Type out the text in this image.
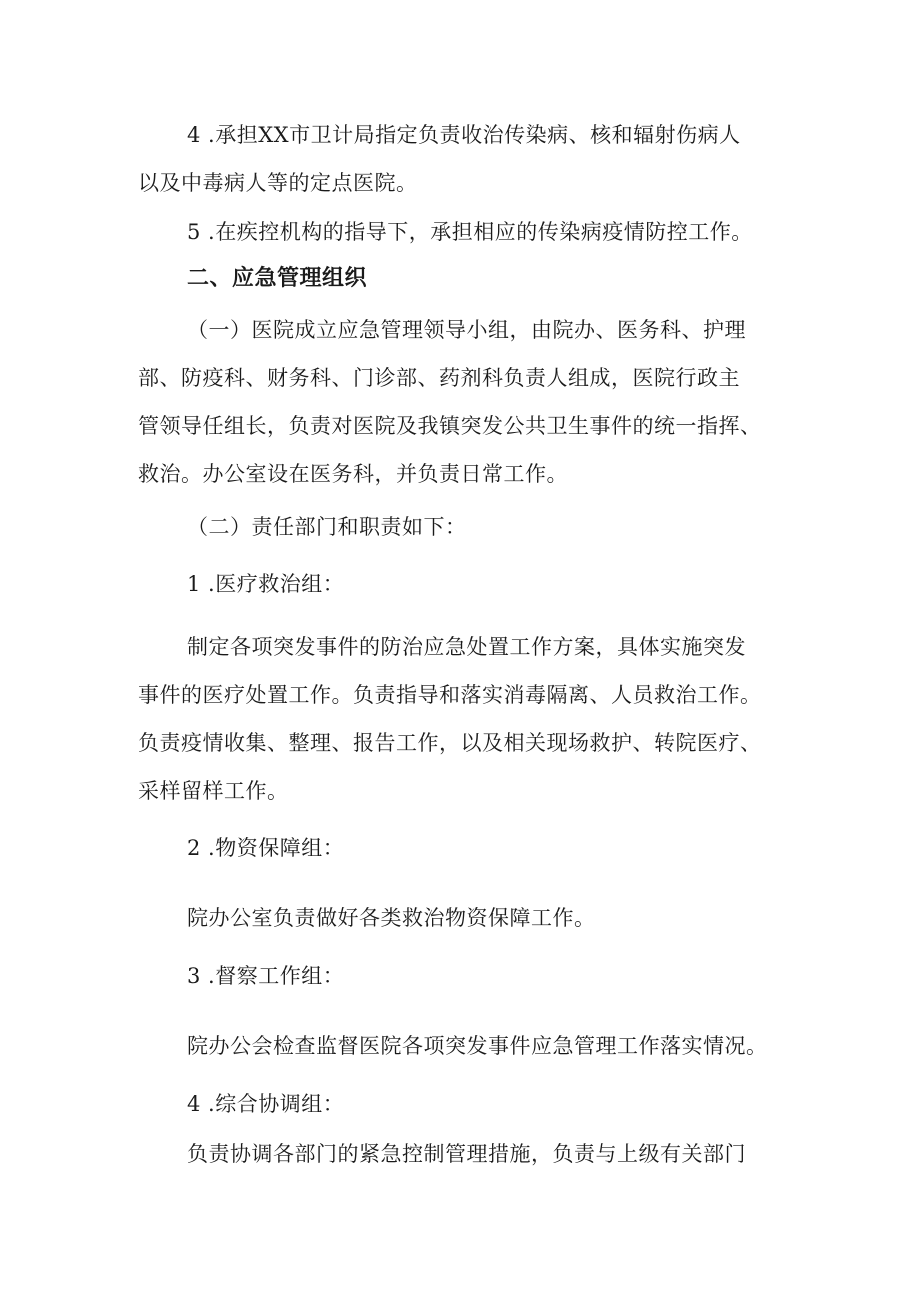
4 .承担XX市卫计局指定负责收治传染病、核和辐射伤病人
以及中毒病人等的定点医院。
5 .在疾控机构的指导下，承担相应的传染病疫情防控工作。
二、应急管理组织
（一）医院成立应急管理领导小组，由院办、医务科、护理
部、防疫科、财务科、门诊部、药剂科负责人组成，医院行政主
管领导任组长，负责对医院及我镇突发公共卫生事件的统一指挥、
救治。办公室设在医务科，并负责日常工作。
（二）责任部门和职责如下：
1 .医疗救治组：
制定各项突发事件的防治应急处置工作方案，具体实施突发
事件的医疗处置工作。负责指导和落实消毒隔离、人员救治工作。
负责疫情收集、整理、报告工作，以及相关现场救护、转院医疗、
采样留样工作。
2 .物资保障组：
院办公室负责做好各类救治物资保障工作。
3 .督察工作组：
院办公会检查监督医院各项突发事件应急管理工作落实情况。
4 .综合协调组：
负责协调各部门的紧急控制管理措施，负责与上级有关部门
